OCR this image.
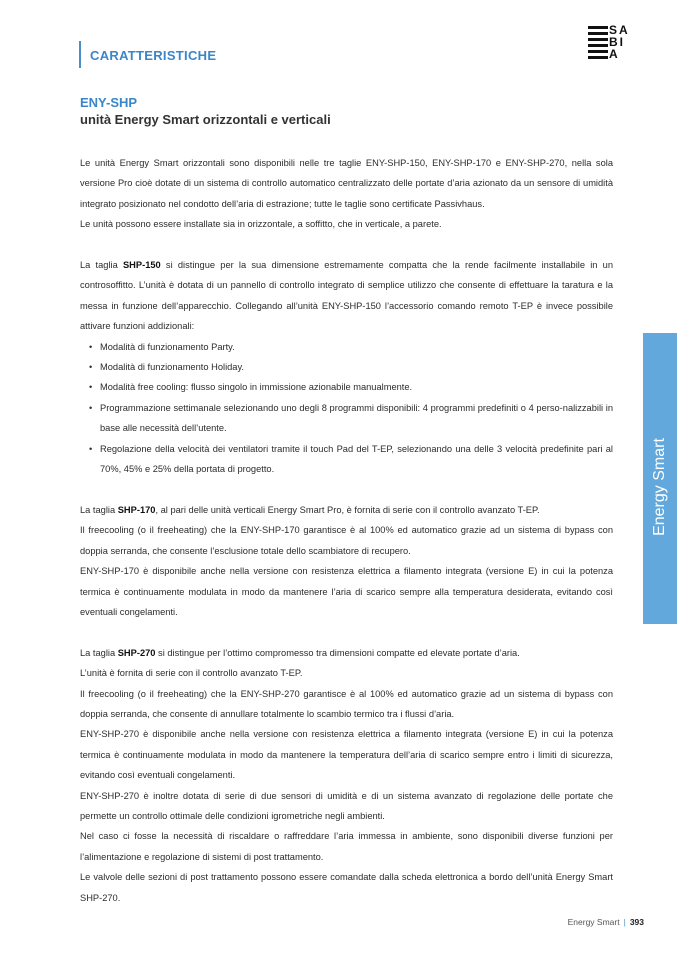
CARATTERISTICHE
SA
BI
A
ENY-SHP
unità Energy Smart orizzontali e verticali

Le unità Energy Smart orizzontali sono disponibili nelle tre taglie ENY-SHP-150, ENY-SHP-170 e ENY-SHP-270, nella sola versione Pro cioè dotate di un sistema di controllo automatico centralizzato delle portate d’aria azionato da un sensore di umidità integrato posizionato nel condotto dell’aria di estrazione; tutte le taglie sono certificate Passivhaus.

Le unità possono essere installate sia in orizzontale, a soffitto, che in verticale, a parete.

La taglia SHP-150 si distingue per la sua dimensione estremamente compatta che la rende facilmente installabile in un controsoffitto. L’unità è dotata di un pannello di controllo integrato di semplice utilizzo che consente di effettuare la taratura e la messa in funzione dell’apparecchio. Collegando all’unità ENY-SHP-150 l’accessorio comando remoto T-EP è invece possibile attivare funzioni addizionali:

• Modalità di funzionamento Party.
• Modalità di funzionamento Holiday.
• Modalità free cooling: flusso singolo in immissione azionabile manualmente.
• Programmazione settimanale selezionando uno degli 8 programmi disponibili: 4 programmi predefiniti o 4 perso-nalizzabili in base alle necessità dell’utente.
• Regolazione della velocità dei ventilatori tramite il touch Pad del T-EP, selezionando una delle 3 velocità predefinite pari al 70%, 45% e 25% della portata di progetto.

La taglia SHP-170, al pari delle unità verticali Energy Smart Pro, è fornita di serie con il controllo avanzato T-EP.

Il freecooling (o il freeheating) che la ENY-SHP-170 garantisce è al 100% ed automatico grazie ad un sistema di bypass con doppia serranda, che consente l’esclusione totale dello scambiatore di recupero.

ENY-SHP-170 è disponibile anche nella versione con resistenza elettrica a filamento integrata (versione E) in cui la potenza termica è continuamente modulata in modo da mantenere l’aria di scarico sempre alla temperatura desiderata, evitando così eventuali congelamenti.

La taglia SHP-270 si distingue per l’ottimo compromesso tra dimensioni compatte ed elevate portate d’aria.

L’unità è fornita di serie con il controllo avanzato T-EP.

Il freecooling (o il freeheating) che la ENY-SHP-270 garantisce è al 100% ed automatico grazie ad un sistema di bypass con doppia serranda, che consente di annullare totalmente lo scambio termico tra i flussi d’aria.

ENY-SHP-270 è disponibile anche nella versione con resistenza elettrica a filamento integrata (versione E) in cui la potenza termica è continuamente modulata in modo da mantenere la temperatura dell’aria di scarico sempre entro i limiti di sicurezza, evitando così eventuali congelamenti.

ENY-SHP-270 è inoltre dotata di serie di due sensori di umidità e di un sistema avanzato di regolazione delle portate che permette un controllo ottimale delle condizioni igrometriche negli ambienti.

Nel caso ci fosse la necessità di riscaldare o raffreddare l’aria immessa in ambiente, sono disponibili diverse funzioni per l’alimentazione e regolazione di sistemi di post trattamento.

Le valvole delle sezioni di post trattamento possono essere comandate dalla scheda elettronica a bordo dell’unità Energy Smart SHP-270.

Energy Smart
Energy Smart | 393
